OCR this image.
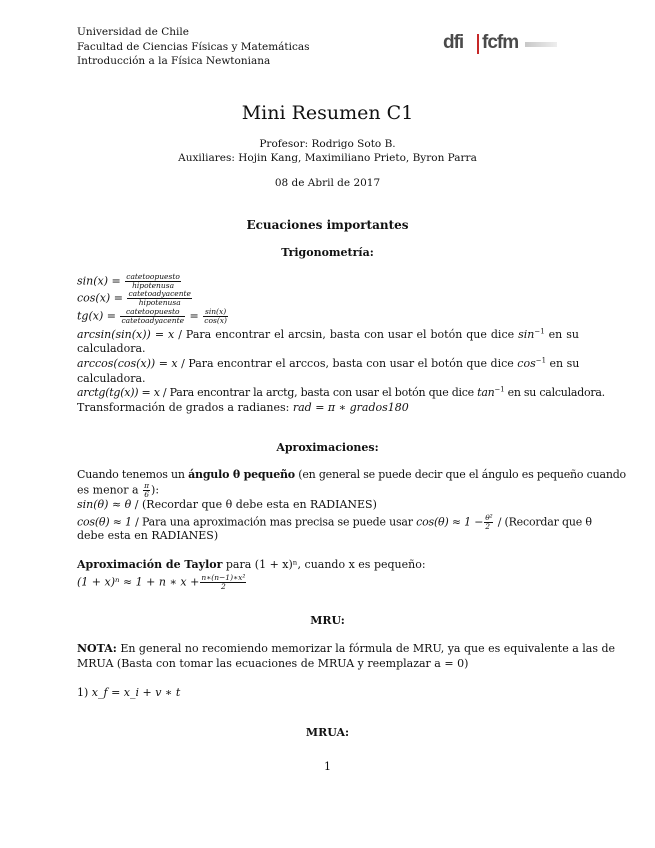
Universidad de Chile
Facultad de Ciencias Físicas y Matemáticas
Introducción a la Física Newtoniana
dfi fcfm
Mini Resumen C1
Profesor: Rodrigo Soto B.
Auxiliares: Hojin Kang, Maximiliano Prieto, Byron Parra
08 de Abril de 2017
Ecuaciones importantes
Trigonometría:
$\sin(x) = \frac{\text{catetoopuesto}}{\text{hipotenusa}}$
$\cos(x) = \frac{\text{catetoadyacente}}{\text{hipotenusa}}$
$tg(x) = \frac{\text{catetoopuesto}}{\text{catetoadyacente}} = \frac{\sin(x)}{\cos(x)}$
arcsin(sin(x)) = x / Para encontrar el arcsin, basta con usar el botón que dice $\sin^{-1}$ en su
calculadora.
arccos(cos(x)) = x / Para encontrar el arccos, basta con usar el botón que dice $\cos^{-1}$ en su
calculadora.
arctg(tg(x)) = x / Para encontrar la arctg, basta con usar el botón que dice $\tan^{-1}$ en su calculadora.
Transformación de grados a radianes: rad = π ∗ grados180
Aproximaciones:
Cuando tenemos un ángulo θ pequeño (en general se puede decir que el ángulo es pequeño cuando
es menor a $\frac{\pi}{6}$ ):
sin(θ) ≈ θ / (Recordar que θ debe esta en RADIANES)
cos(θ) ≈ 1 / Para una aproximación mas precisa se puede usar $\cos(\theta) \approx 1 - \frac{\text{θ²}}{2}$ / (Recordar que θ
debe esta en RADIANES)
Aproximación de Taylor para (1 + x)ⁿ, cuando x es pequeño:
(1 + x)ⁿ ≈ 1 + n ∗ $x + \frac{\text{n∗(n−1)∗x²}}{2}$
MRU:
NOTA: En general no recomiendo memorizar la fórmula de MRU, ya que es equivalente a las de
MRUA (Basta con tomar las ecuaciones de MRUA y reemplazar a = 0)
1) x_f = x_i + v ∗ t
MRUA:
1
